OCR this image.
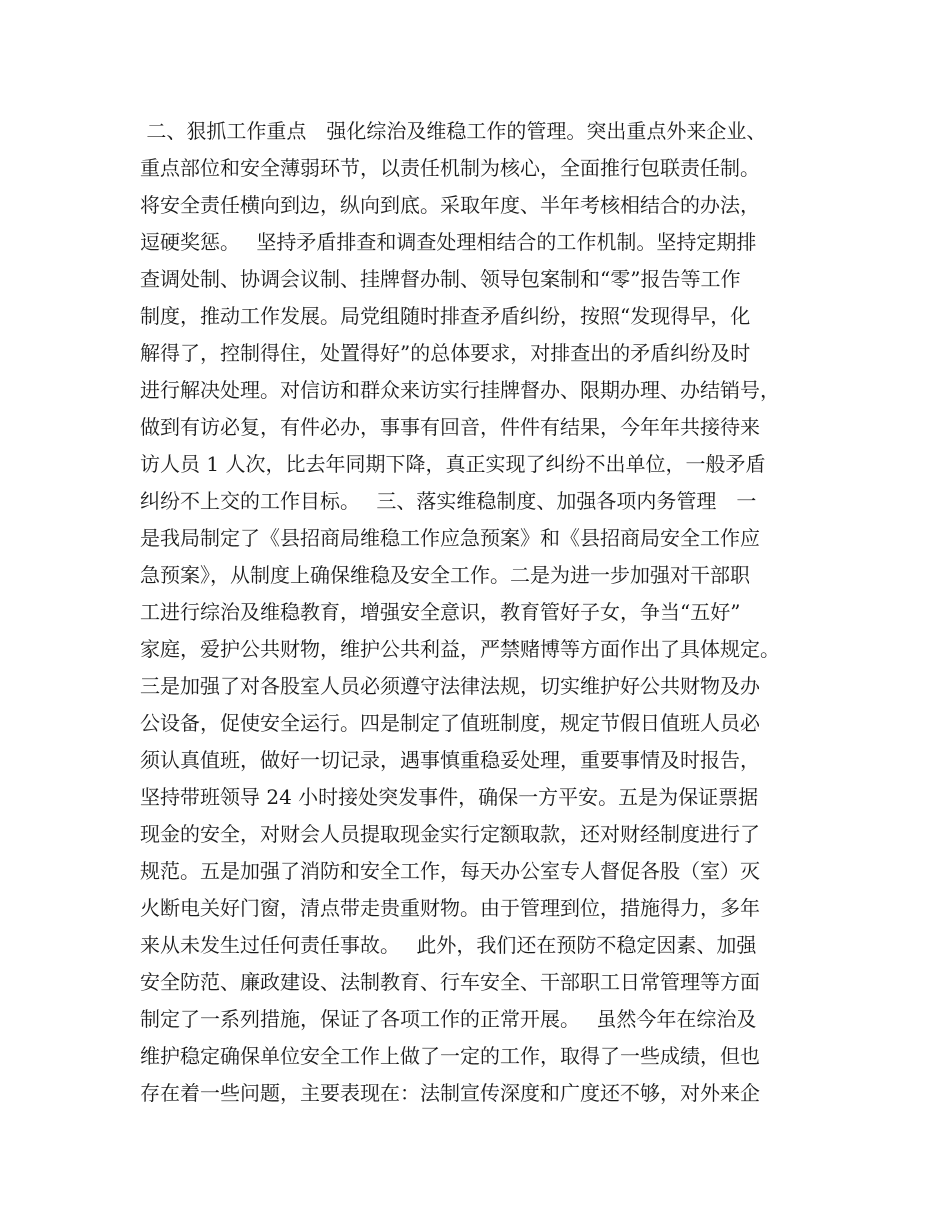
二、狠抓工作重点　强化综治及维稳工作的管理。突出重点外来企业、
重点部位和安全薄弱环节，以责任机制为核心，全面推行包联责任制。
将安全责任横向到边，纵向到底。采取年度、半年考核相结合的办法，
逗硬奖惩。　 坚持矛盾排查和调查处理相结合的工作机制。坚持定期排
查调处制、协调会议制、挂牌督办制、领导包案制和“零”报告等工作
制度，推动工作发展。局党组随时排查矛盾纠纷，按照“发现得早，化
解得了，控制得住，处置得好”的总体要求，对排查出的矛盾纠纷及时
进行解决处理。对信访和群众来访实行挂牌督办、限期办理、办结销号，
做到有访必复，有件必办，事事有回音，件件有结果，今年年共接待来
访人员 1 人次，比去年同期下降，真正实现了纠纷不出单位，一般矛盾
纠纷不上交的工作目标。　 三、落实维稳制度、加强各项内务管理　一
是我局制定了《县招商局维稳工作应急预案》和《县招商局安全工作应
急预案》，从制度上确保维稳及安全工作。二是为进一步加强对干部职
工进行综治及维稳教育，增强安全意识，教育管好子女，争当“五好”
家庭，爱护公共财物，维护公共利益，严禁赌博等方面作出了具体规定。
三是加强了对各股室人员必须遵守法律法规，切实维护好公共财物及办
公设备，促使安全运行。四是制定了值班制度，规定节假日值班人员必
须认真值班，做好一切记录，遇事慎重稳妥处理，重要事情及时报告，
坚持带班领导 24 小时接处突发事件，确保一方平安。五是为保证票据
现金的安全，对财会人员提取现金实行定额取款，还对财经制度进行了
规范。五是加强了消防和安全工作，每天办公室专人督促各股（室）灭
火断电关好门窗，清点带走贵重财物。由于管理到位，措施得力，多年
来从未发生过任何责任事故。　 此外，我们还在预防不稳定因素、加强
安全防范、廉政建设、法制教育、行车安全、干部职工日常管理等方面
制定了一系列措施，保证了各项工作的正常开展。　 虽然今年在综治及
维护稳定确保单位安全工作上做了一定的工作，取得了一些成绩，但也
存在着一些问题，主要表现在：法制宣传深度和广度还不够，对外来企
